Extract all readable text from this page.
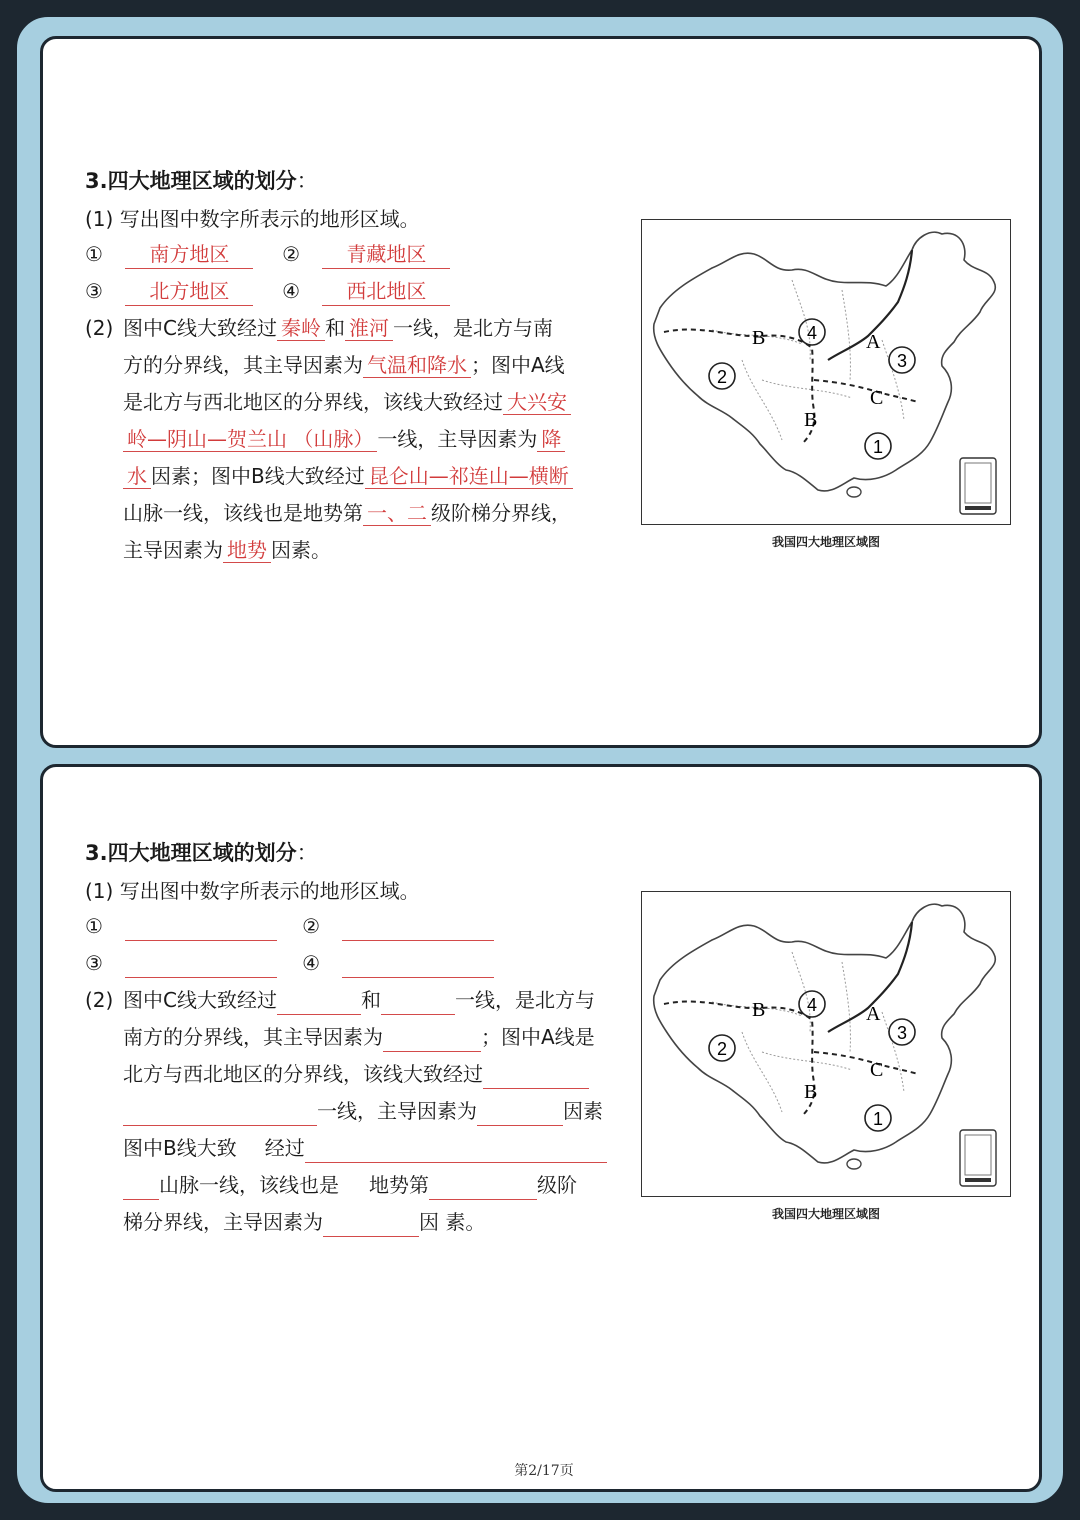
3.四大地理区域的划分：
(1) 写出图中数字所表示的地形区域。
① 南方地区	② 青藏地区
③ 北方地区	④ 西北地区
(2) 图中C线大致经过 秦岭 和 淮河 一线，是北方与南
方的分界线，其主导因素为 气温和降水 ；图中A线
是北方与西北地区的分界线，该线大致经过 大兴安
岭—阴山—贺兰山 （山脉） 一线，主导因素为 降
水 因素；图中B线大致经过 昆仑山—祁连山—横断
山脉一线，该线也是地势第 一、二 级阶梯分界线，
主导因素为 地势 因素。
B
B
A
C
4
3
2
1
我国四大地理区域图
3.四大地理区域的划分：
(1) 写出图中数字所表示的地形区域。
①	②
③	④
(2) 图中C线大致经过	和	一线，是北方与
南方的分界线，其主导因素为	；图中A线是
北方与西北地区的分界线，该线大致经过
一线，主导因素为	因素
图中B线大致 经过
山脉一线，该线也是 地势第	级阶
梯分界线，主导因素为	因 素。
B
B
A
C
4
3
2
1
我国四大地理区域图
第2/17页
